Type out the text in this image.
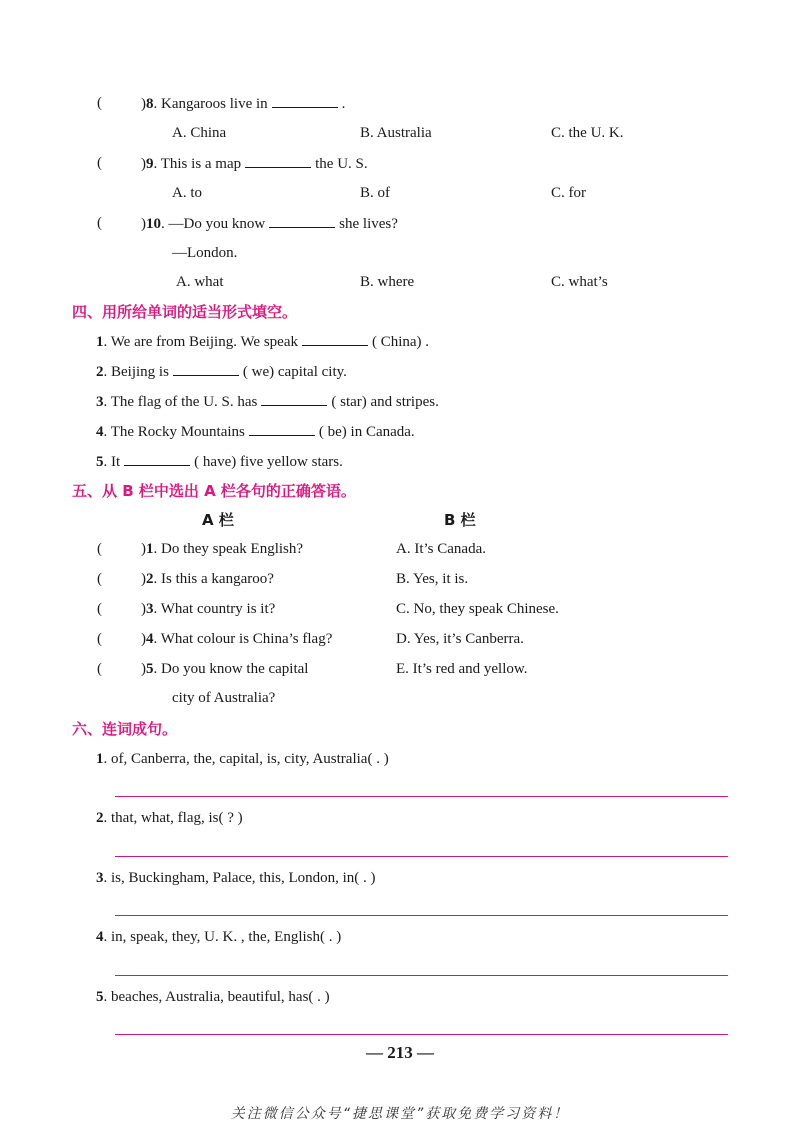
(	)8. Kangaroos live in	.
A. China	B. Australia	C. the U. K.
(	)9. This is a map	the U. S.
A. to	B. of	C. for
(	)10. —Do you know	she lives?
—London.
A. what	B. where	C. what’s
四、用所给单词的适当形式填空。
1. We are from Beijing. We speak	( China) .
2. Beijing is	( we) capital city.
3. The flag of the U. S. has	( star) and stripes.
4. The Rocky Mountains	( be) in Canada.
5. It	( have) five yellow stars.
五、从 B 栏中选出 A 栏各句的正确答语。
A 栏	B 栏
(	)1. Do they speak English?	A. It’s Canada.
(	)2. Is this a kangaroo?	B. Yes, it is.
(	)3. What country is it?	C. No, they speak Chinese.
(	)4. What colour is China’s flag?	D. Yes, it’s Canberra.
(	)5. Do you know the capital	E. It’s red and yellow.
city of Australia?
六、连词成句。
1. of, Canberra, the, capital, is, city, Australia( . )
2. that, what, flag, is( ? )
3. is, Buckingham, Palace, this, London, in( . )
4. in, speak, they, U. K. , the, English( . )
5. beaches, Australia, beautiful, has( . )
— 213 —
关注微信公众号“捷思课堂”获取免费学习资料！
